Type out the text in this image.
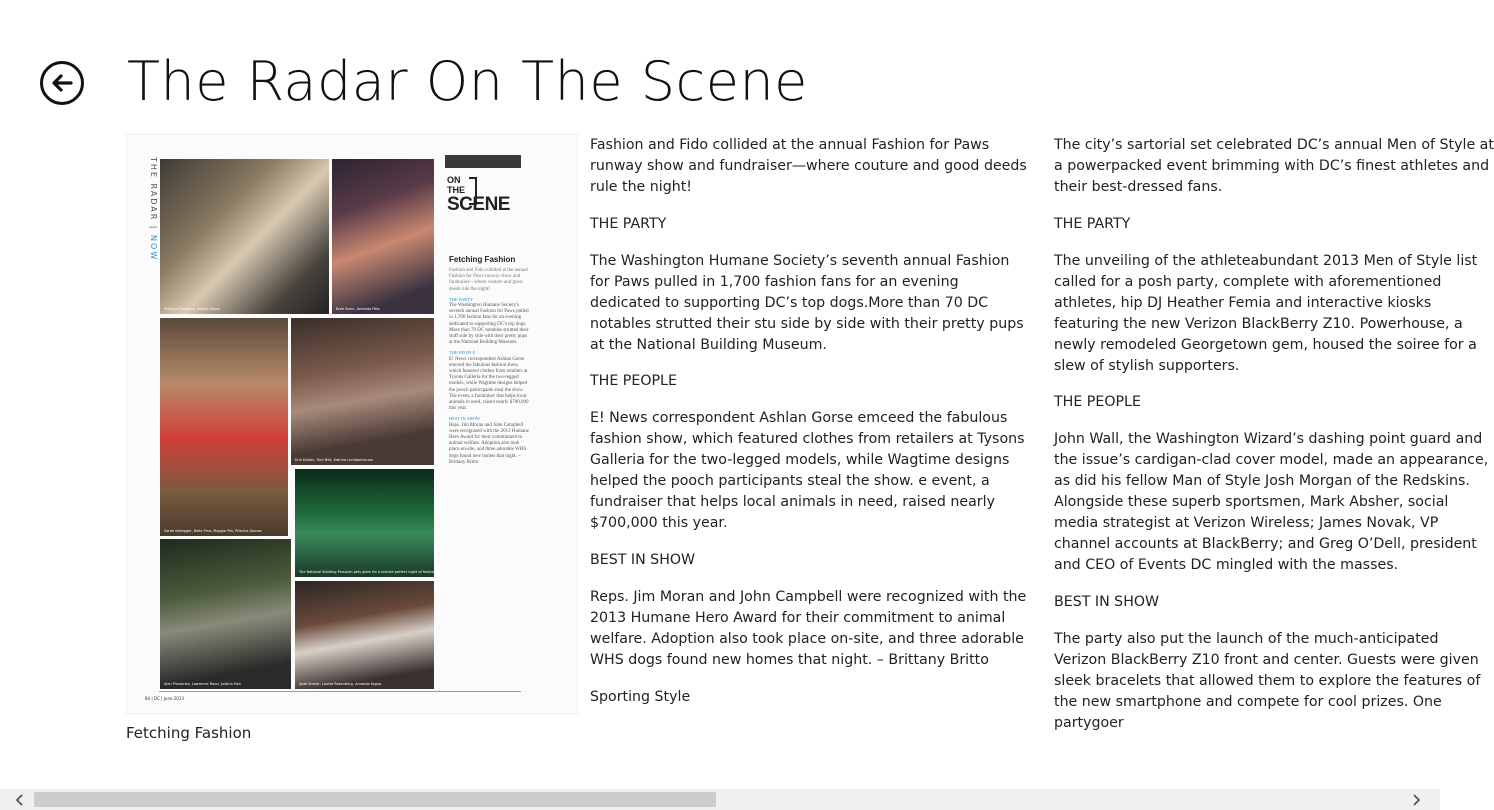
The Radar On The Scene
THE RADAR | NOW
Philippe Ducleroy, Ashlan Gorse	Bree Stern, Amanda Fitts
Sarah Kollegger, Bella Pino, Maggie Pitt, Priscilla Gomez
Erin Dalton, Tom Bell, Katrina Lumbantoruan
The National Building Museum gets glam for a picture perfect night of fashion and fun
Alan Pisarenko, Lawrence Rossi, Justina Hall	Ayali Kumar, Louise Rosenberg, Amanda Kupps
ON
THE
SCENE
Fetching Fashion
Fashion and Fido collided at the annual Fashion for Paws runway show and fundraiser—where couture and good deeds rule the night!
THE PARTY
The Washington Humane Society's seventh annual Fashion for Paws pulled in 1,700 fashion fans for an evening dedicated to supporting DC's top dogs. More than 70 DC notables strutted their stuff side by side with their pretty pups at the National Building Museum.
THE PEOPLE
E! News correspondent Ashlan Gorse emceed the fabulous fashion show, which featured clothes from retailers at Tysons Galleria for the two-legged models, while Wagtime designs helped the pooch participants steal the show. The event, a fundraiser that helps local animals in need, raised nearly $700,000 this year.
BEST IN SHOW
Reps. Jim Moran and John Campbell were recognized with the 2013 Humane Hero Award for their commitment to animal welfare. Adoption also took place on-site, and three adorable WHS dogs found new homes that night. –Brittany Britto
84 | DC | June 2013
Fetching Fashion

Fashion and Fido collided at the annual Fashion for Paws runway show and fundraiser—where couture and good deeds rule the night!

THE PARTY

The Washington Humane Society’s seventh annual Fashion for Paws pulled in 1,700 fashion fans for an evening dedicated to supporting DC’s top dogs.More than 70 DC notables strutted their stu side by side with their pretty pups at the National Building Museum.

THE PEOPLE

E! News correspondent Ashlan Gorse emceed the fabulous fashion show, which featured clothes from retailers at Tysons Galleria for the two-legged models, while Wagtime designs helped the pooch participants steal the show. e event, a fundraiser that helps local animals in need, raised nearly $700,000 this year.

BEST IN SHOW

Reps. Jim Moran and John Campbell were recognized with the 2013 Humane Hero Award for their commitment to animal welfare. Adoption also took place on-site, and three adorable WHS dogs found new homes that night. – Brittany Britto

Sporting Style

The city’s sartorial set celebrated DC’s annual Men of Style at a powerpacked event brimming with DC’s finest athletes and their best-dressed fans.

THE PARTY

The unveiling of the athleteabundant 2013 Men of Style list called for a posh party, complete with aforementioned athletes, hip DJ Heather Femia and interactive kiosks featuring the new Verizon BlackBerry Z10. Powerhouse, a newly remodeled Georgetown gem, housed the soiree for a slew of stylish supporters.

THE PEOPLE

John Wall, the Washington Wizard’s dashing point guard and the issue’s cardigan-clad cover model, made an appearance, as did his fellow Man of Style Josh Morgan of the Redskins. Alongside these superb sportsmen, Mark Absher, social media strategist at Verizon Wireless; James Novak, VP channel accounts at BlackBerry; and Greg O’Dell, president and CEO of Events DC mingled with the masses.

BEST IN SHOW

The party also put the launch of the much-anticipated Verizon BlackBerry Z10 front and center. Guests were given sleek bracelets that allowed them to explore the features of the new smartphone and compete for cool prizes. One partygoer
